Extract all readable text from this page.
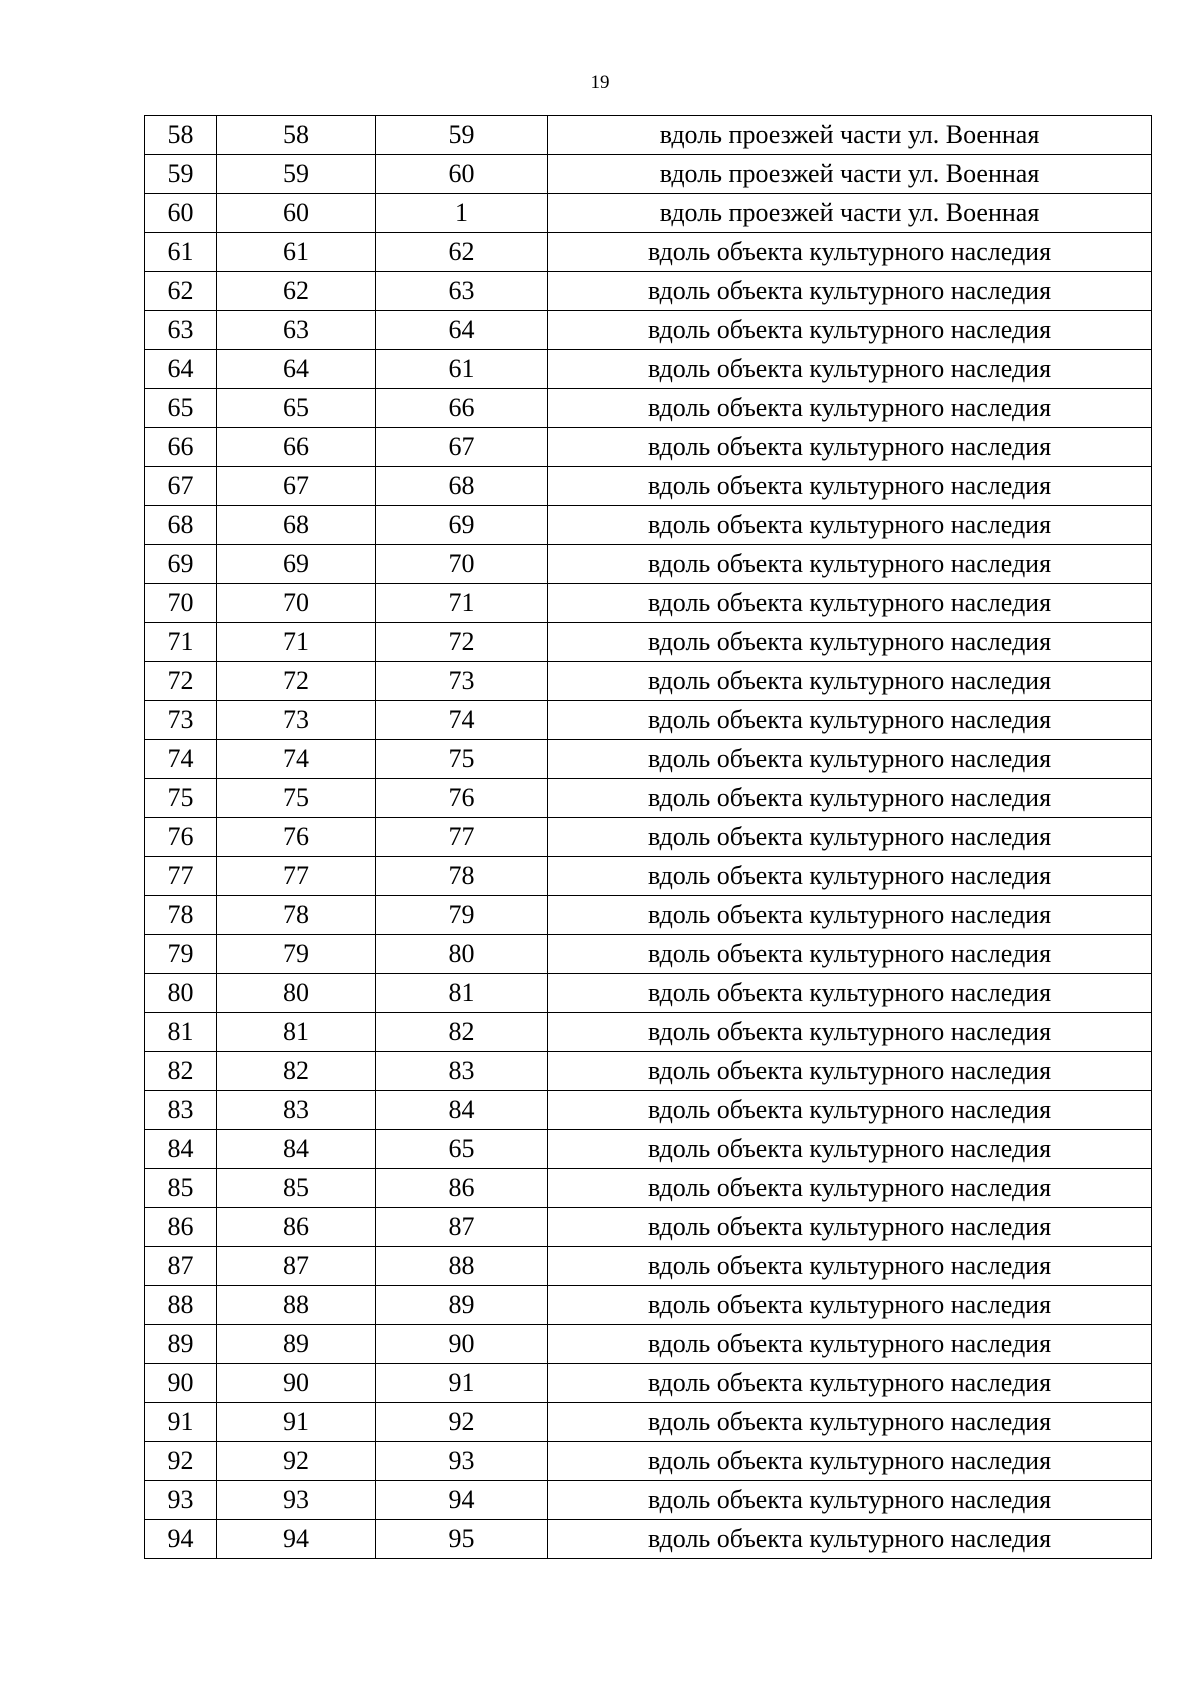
19
58	58	59	вдоль проезжей части ул. Военная
59	59	60	вдоль проезжей части ул. Военная
60	60	1	вдоль проезжей части ул. Военная
61	61	62	вдоль объекта культурного наследия
62	62	63	вдоль объекта культурного наследия
63	63	64	вдоль объекта культурного наследия
64	64	61	вдоль объекта культурного наследия
65	65	66	вдоль объекта культурного наследия
66	66	67	вдоль объекта культурного наследия
67	67	68	вдоль объекта культурного наследия
68	68	69	вдоль объекта культурного наследия
69	69	70	вдоль объекта культурного наследия
70	70	71	вдоль объекта культурного наследия
71	71	72	вдоль объекта культурного наследия
72	72	73	вдоль объекта культурного наследия
73	73	74	вдоль объекта культурного наследия
74	74	75	вдоль объекта культурного наследия
75	75	76	вдоль объекта культурного наследия
76	76	77	вдоль объекта культурного наследия
77	77	78	вдоль объекта культурного наследия
78	78	79	вдоль объекта культурного наследия
79	79	80	вдоль объекта культурного наследия
80	80	81	вдоль объекта культурного наследия
81	81	82	вдоль объекта культурного наследия
82	82	83	вдоль объекта культурного наследия
83	83	84	вдоль объекта культурного наследия
84	84	65	вдоль объекта культурного наследия
85	85	86	вдоль объекта культурного наследия
86	86	87	вдоль объекта культурного наследия
87	87	88	вдоль объекта культурного наследия
88	88	89	вдоль объекта культурного наследия
89	89	90	вдоль объекта культурного наследия
90	90	91	вдоль объекта культурного наследия
91	91	92	вдоль объекта культурного наследия
92	92	93	вдоль объекта культурного наследия
93	93	94	вдоль объекта культурного наследия
94	94	95	вдоль объекта культурного наследия
